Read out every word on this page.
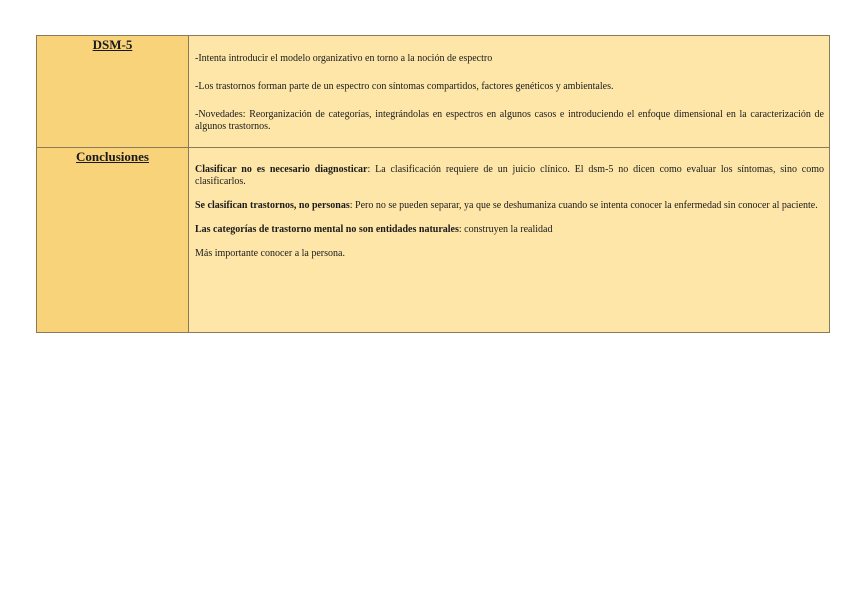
DSM-5	-Intenta introducir el modelo organizativo en torno a la noción de espectro

-Los trastornos forman parte de un espectro con síntomas compartidos, factores genéticos y ambientales.

-Novedades: Reorganización de categorías, integrándolas en espectros en algunos casos e introduciendo el enfoque dimensional en la caracterización de algunos trastornos.

Conclusiones	Clasificar no es necesario diagnosticar: La clasificación requiere de un juicio clínico. El dsm-5 no dicen como evaluar los síntomas, sino como clasificarlos.

Se clasifican trastornos, no personas: Pero no se pueden separar, ya que se deshumaniza cuando se intenta conocer la enfermedad sin conocer al paciente.

Las categorías de trastorno mental no son entidades naturales: construyen la realidad

Más importante conocer a la persona.
